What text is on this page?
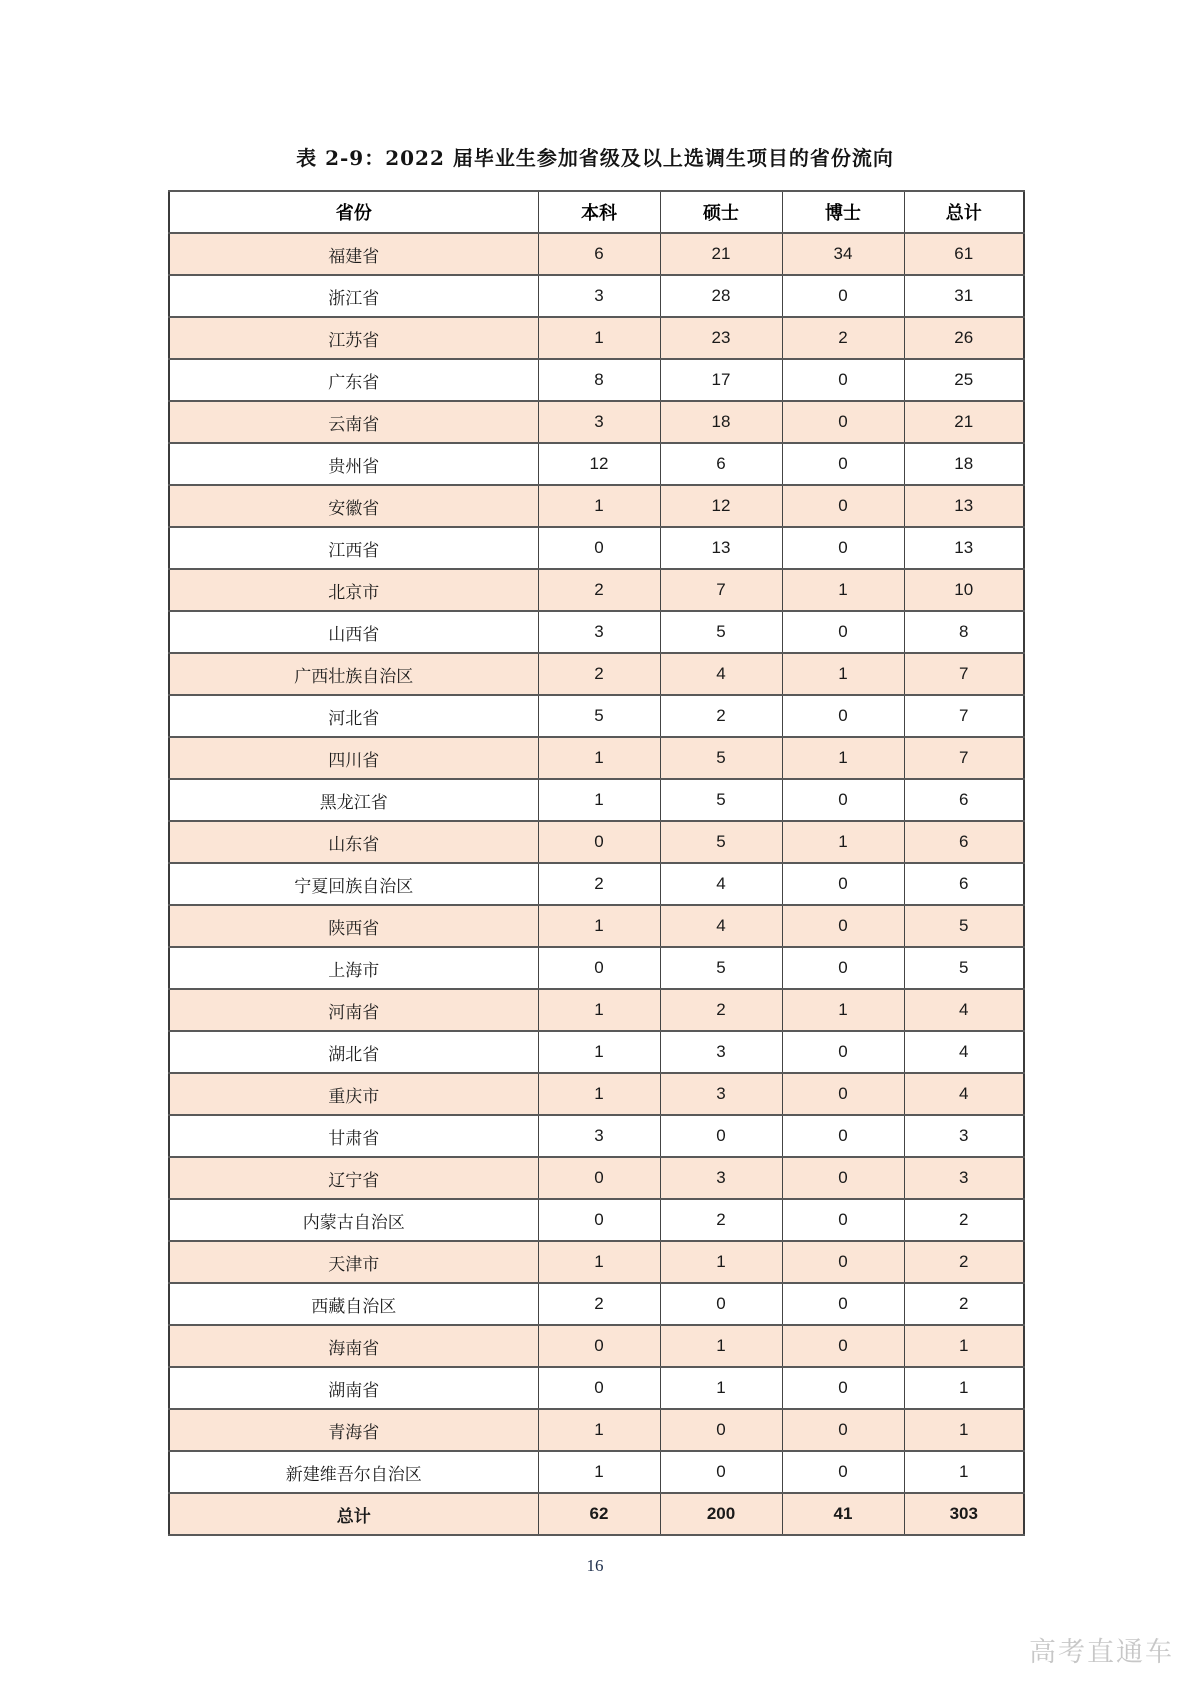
表 2-9：2022 届毕业生参加省级及以上选调生项目的省份流向
省份	本科	硕士	博士	总计
福建省	6	21	34	61
浙江省	3	28	0	31
江苏省	1	23	2	26
广东省	8	17	0	25
云南省	3	18	0	21
贵州省	12	6	0	18
安徽省	1	12	0	13
江西省	0	13	0	13
北京市	2	7	1	10
山西省	3	5	0	8
广西壮族自治区	2	4	1	7
河北省	5	2	0	7
四川省	1	5	1	7
黑龙江省	1	5	0	6
山东省	0	5	1	6
宁夏回族自治区	2	4	0	6
陕西省	1	4	0	5
上海市	0	5	0	5
河南省	1	2	1	4
湖北省	1	3	0	4
重庆市	1	3	0	4
甘肃省	3	0	0	3
辽宁省	0	3	0	3
内蒙古自治区	0	2	0	2
天津市	1	1	0	2
西藏自治区	2	0	0	2
海南省	0	1	0	1
湖南省	0	1	0	1
青海省	1	0	0	1
新建维吾尔自治区	1	0	0	1
总计	62	200	41	303
16
高考直通车
